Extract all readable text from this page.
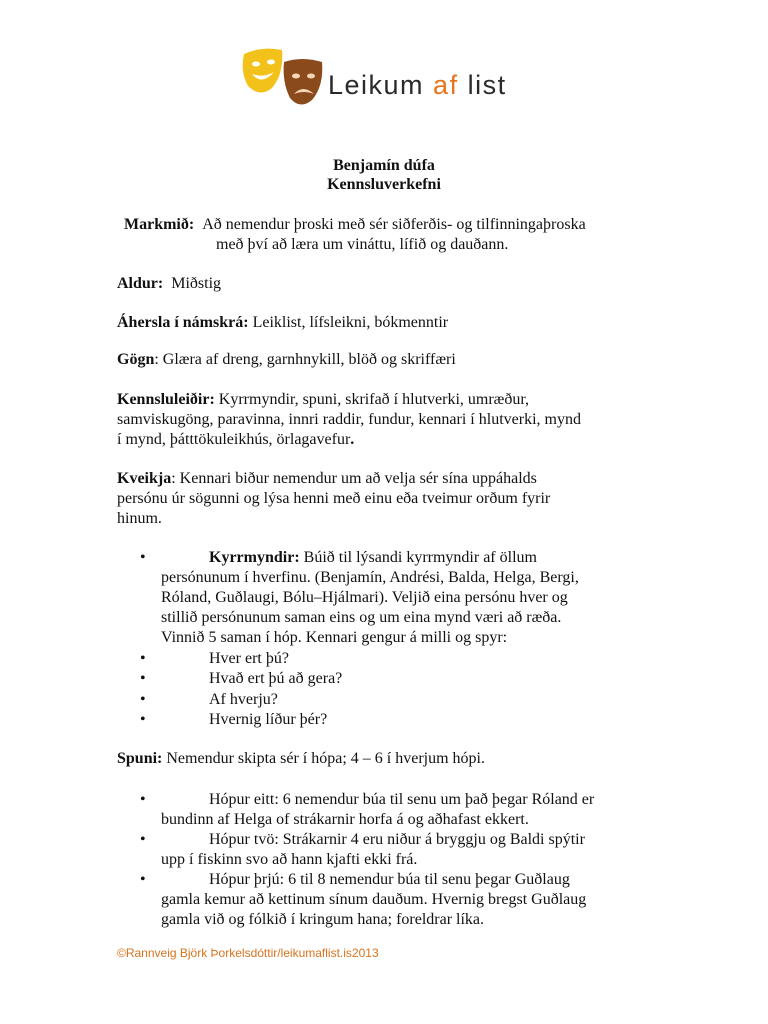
Leikum af list
Benjamín dúfa
Kennsluverkefni
Markmið: Að nemendur þroski með sér siðferðis- og tilfinningaþroska
með því að læra um vináttu, lífið og dauðann.
Aldur: Miðstig
Áhersla í námskrá: Leiklist, lífsleikni, bókmenntir
Gögn: Glæra af dreng, garnhnykill, blöð og skriffæri
Kennsluleiðir: Kyrrmyndir, spuni, skrifað í hlutverki, umræður,
samviskugöng, paravinna, innri raddir, fundur, kennari í hlutverki, mynd
í mynd, þátttökuleikhús, örlagavefur.
Kveikja: Kennari biður nemendur um að velja sér sína uppáhalds
persónu úr sögunni og lýsa henni með einu eða tveimur orðum fyrir
hinum.
•	Kyrrmyndir: Búið til lýsandi kyrrmyndir af öllum
persónunum í hverfinu. (Benjamín, Andrési, Balda, Helga, Bergi,
Róland, Guðlaugi, Bólu–Hjálmari). Veljið eina persónu hver og
stillið persónunum saman eins og um eina mynd væri að ræða.
Vinnið 5 saman í hóp. Kennari gengur á milli og spyr:
•	Hver ert þú?
•	Hvað ert þú að gera?
•	Af hverju?
•	Hvernig líður þér?
Spuni: Nemendur skipta sér í hópa; 4 – 6 í hverjum hópi.
•	Hópur eitt: 6 nemendur búa til senu um það þegar Róland er
bundinn af Helga of strákarnir horfa á og aðhafast ekkert.
•	Hópur tvö: Strákarnir 4 eru niður á bryggju og Baldi spýtir
upp í fiskinn svo að hann kjafti ekki frá.
•	Hópur þrjú: 6 til 8 nemendur búa til senu þegar Guðlaug
gamla kemur að kettinum sínum dauðum. Hvernig bregst Guðlaug
gamla við og fólkið í kringum hana; foreldrar líka.
©Rannveig Björk Þorkelsdóttir/leikumaflist.is2013
